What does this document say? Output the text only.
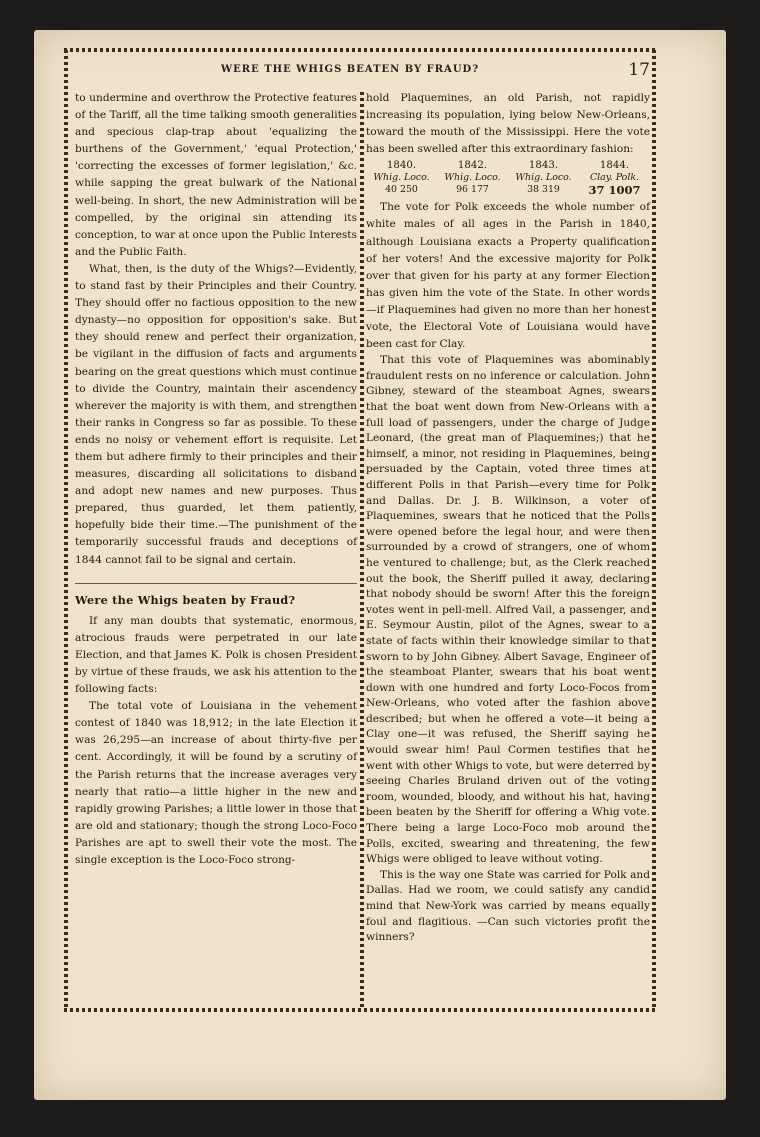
WERE THE WHIGS BEATEN BY FRAUD?	17

to undermine and overthrow the Protective features of the Tariff, all the time talking smooth generalities and specious clap-trap about 'equalizing the burthens of the Government,' 'equal Protection,' 'correcting the excesses of former legislation,' &c. while sapping the great bulwark of the National well-being. In short, the new Administration will be compelled, by the original sin attending its conception, to war at once upon the Public Interests and the Public Faith.

What, then, is the duty of the Whigs?—Evidently, to stand fast by their Principles and their Country. They should offer no factious opposition to the new dynasty—no opposition for opposition's sake. But they should renew and perfect their organization, be vigilant in the diffusion of facts and arguments bearing on the great questions which must continue to divide the Country, maintain their ascendency wherever the majority is with them, and strengthen their ranks in Congress so far as possible. To these ends no noisy or vehement effort is requisite. Let them but adhere firmly to their principles and their measures, discarding all solicitations to disband and adopt new names and new purposes. Thus prepared, thus guarded, let them patiently, hopefully bide their time.—The punishment of the temporarily successful frauds and deceptions of 1844 cannot fail to be signal and certain.

Were the Whigs beaten by Fraud?

If any man doubts that systematic, enormous, atrocious frauds were perpetrated in our late Election, and that James K. Polk is chosen President by virtue of these frauds, we ask his attention to the following facts:

The total vote of Louisiana in the vehement contest of 1840 was 18,912; in the late Election it was 26,295—an increase of about thirty-five per cent. Accordingly, it will be found by a scrutiny of the Parish returns that the increase averages very nearly that ratio—a little higher in the new and rapidly growing Parishes; a little lower in those that are old and stationary; though the strong Loco-Foco Parishes are apt to swell their vote the most. The single exception is the Loco-Foco strong-

hold Plaquemines, an old Parish, not rapidly increasing its population, lying below New-Orleans, toward the mouth of the Mississippi. Here the vote has been swelled after this extraordinary fashion:

1840.	1842.	1843.	1844.
Whig. Loco.	Whig. Loco.	Whig. Loco.	Clay. Polk.
40 250	96 177	38 319	37 1007

The vote for Polk exceeds the whole number of white males of all ages in the Parish in 1840, although Louisiana exacts a Property qualification of her voters! And the excessive majority for Polk over that given for his party at any former Election has given him the vote of the State. In other words—if Plaquemines had given no more than her honest vote, the Electoral Vote of Louisiana would have been cast for Clay.

That this vote of Plaquemines was abominably fraudulent rests on no inference or calculation. John Gibney, steward of the steamboat Agnes, swears that the boat went down from New-Orleans with a full load of passengers, under the charge of Judge Leonard, (the great man of Plaquemines;) that he himself, a minor, not residing in Plaquemines, being persuaded by the Captain, voted three times at different Polls in that Parish—every time for Polk and Dallas. Dr. J. B. Wilkinson, a voter of Plaquemines, swears that he noticed that the Polls were opened before the legal hour, and were then surrounded by a crowd of strangers, one of whom he ventured to challenge; but, as the Clerk reached out the book, the Sheriff pulled it away, declaring that nobody should be sworn! After this the foreign votes went in pell-mell. Alfred Vail, a passenger, and E. Seymour Austin, pilot of the Agnes, swear to a state of facts within their knowledge similar to that sworn to by John Gibney. Albert Savage, Engineer of the steamboat Planter, swears that his boat went down with one hundred and forty Loco-Focos from New-Orleans, who voted after the fashion above described; but when he offered a vote—it being a Clay one—it was refused, the Sheriff saying he would swear him! Paul Cormen testifies that he went with other Whigs to vote, but were deterred by seeing Charles Bruland driven out of the voting room, wounded, bloody, and without his hat, having been beaten by the Sheriff for offering a Whig vote. There being a large Loco-Foco mob around the Polls, excited, swearing and threatening, the few Whigs were obliged to leave without voting.

This is the way one State was carried for Polk and Dallas. Had we room, we could satisfy any candid mind that New-York was carried by means equally foul and flagitious. —Can such victories profit the winners?
